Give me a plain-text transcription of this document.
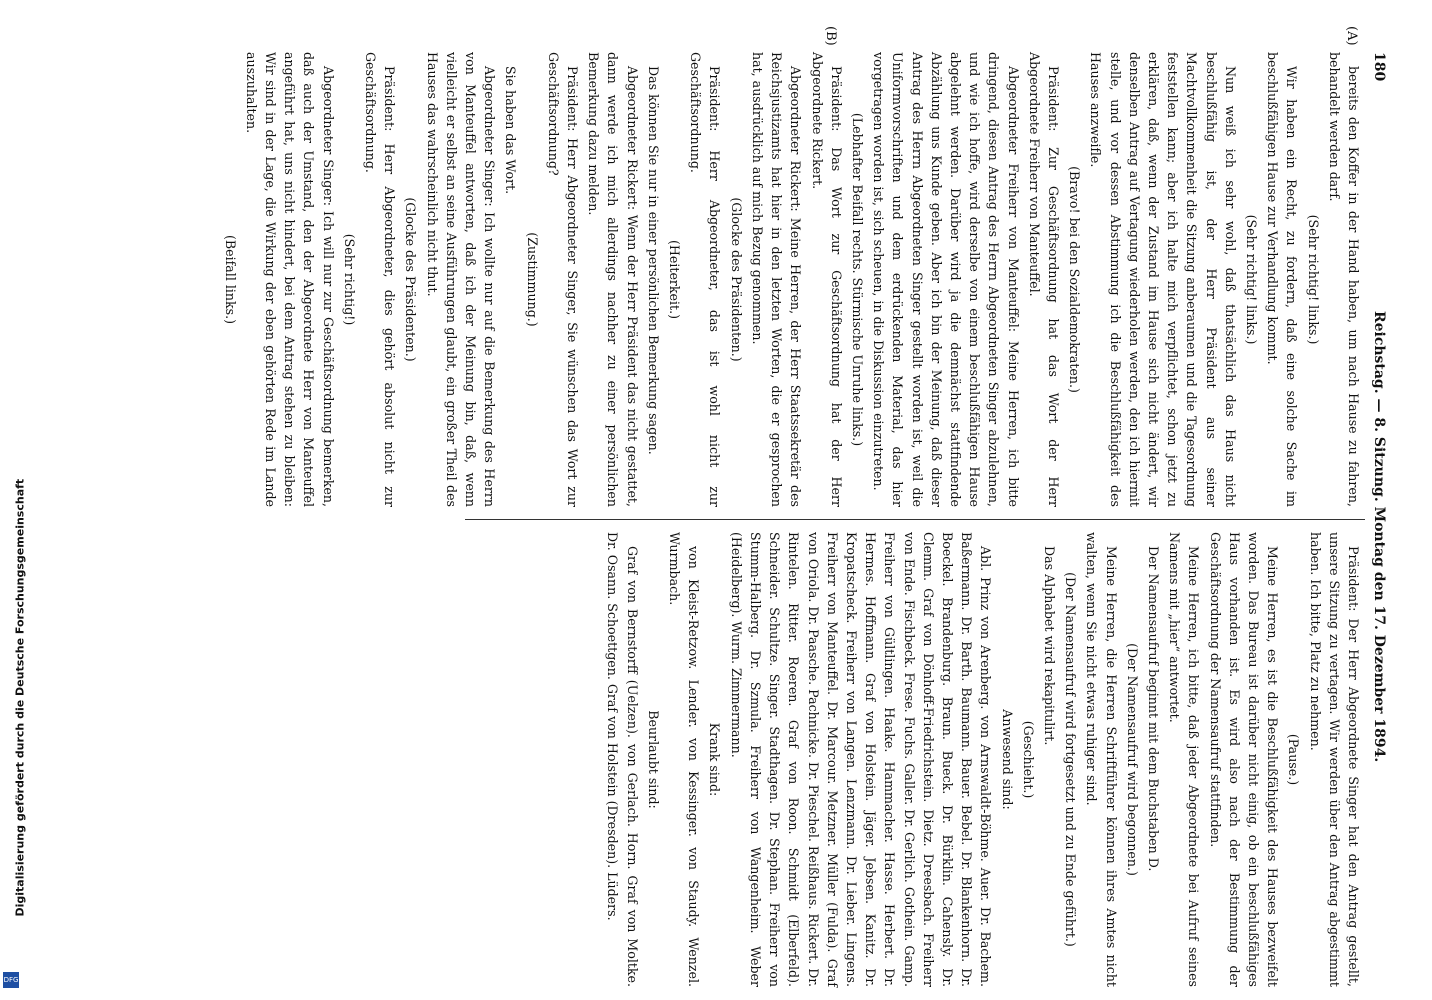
180
Reichstag. — 8. Sitzung. Montag den 17. Dezember 1894.
(A)
(B)

bereits den Koffer in der Hand haben, um nach Hause zu fahren, behandelt werden darf.

(Sehr richtig! links.)

Wir haben ein Recht, zu fordern, daß eine solche Sache im beschlußfähigen Hause zur Verhandlung kommt.

(Sehr richtig! links.)

Nun weiß ich sehr wohl, daß thatsächlich das Haus nicht beschlußfähig ist, der Herr Präsident aus seiner Machtvollkommenheit die Sitzung anberaumen und die Tagesordnung feststellen kann; aber ich halte mich verpflichtet, schon jetzt zu erklären, daß, wenn der Zustand im Hause sich nicht ändert, wir denselben Antrag auf Vertagung wiederholen werden, den ich hiermit stelle, und vor dessen Abstimmung ich die Beschlußfähigkeit des Hauses anzweifle.

(Bravo! bei den Sozialdemokraten.)

Präsident: Zur Geschäftsordnung hat das Wort der Herr Abgeordnete Freiherr von Manteuffel.

Abgeordneter Freiherr von Manteuffel: Meine Herren, ich bitte dringend, diesen Antrag des Herrn Abgeordneten Singer abzulehnen, und wie ich hoffe, wird derselbe von einem beschlußfähigen Hause abgelehnt werden. Darüber wird ja die demnächst stattfindende Abzählung uns Kunde geben. Aber ich bin der Meinung, daß dieser Antrag des Herrn Abgeordneten Singer gestellt worden ist, weil die Uniformvorschriften und dem erdrückenden Material, das hier vorgetragen worden ist, sich scheuen, in die Diskussion einzutreten.

(Lebhafter Beifall rechts. Stürmische Unruhe links.)

Präsident: Das Wort zur Geschäftsordnung hat der Herr Abgeordnete Rickert.

Abgeordneter Rickert: Meine Herren, der Herr Staatssekretär des Reichsjustizamts hat hier in den letzten Worten, die er gesprochen hat, ausdrücklich auf mich Bezug genommen.

(Glocke des Präsidenten.)

Präsident: Herr Abgeordneter, das ist wohl nicht zur Geschäftsordnung.

(Heiterkeit.)

Das können Sie nur in einer persönlichen Bemerkung sagen.

Abgeordneter Rickert: Wenn der Herr Präsident das nicht gestattet, dann werde ich mich allerdings nachher zu einer persönlichen Bemerkung dazu melden.

Präsident: Herr Abgeordneter Singer, Sie wünschen das Wort zur Geschäftsordnung?

(Zustimmung.)

Sie haben das Wort.

Abgeordneter Singer: Ich wollte nur auf die Bemerkung des Herrn von Manteuffel antworten, daß ich der Meinung bin, daß, wenn vielleicht er selbst an seine Ausführungen glaubt, ein großer Theil des Hauses das wahrscheinlich nicht thut.

(Glocke des Präsidenten.)

Präsident: Herr Abgeordneter, dies gehört absolut nicht zur Geschäftsordnung.

(Sehr richtig!)

Abgeordneter Singer: Ich will nur zur Geschäftsordnung bemerken, daß auch der Umstand, den der Abgeordnete Herr von Manteuffel angeführt hat, uns nicht hindert, bei dem Antrag stehen zu bleiben: Wir sind in der Lage, die Wirkung der eben gehörten Rede im Lande auszuhalten.

(Beifall links.)

Präsident: Der Herr Abgeordnete Singer hat den Antrag gestellt, unsere Sitzung zu vertagen. Wir werden über den Antrag abgestimmt haben. Ich bitte, Platz zu nehmen.

(Pause.)

Meine Herren, es ist die Beschlußfähigkeit des Hauses bezweifelt worden. Das Bureau ist darüber nicht einig, ob ein beschlußfähiges Haus vorhanden ist. Es wird also nach der Bestimmung der Geschäftsordnung der Namensaufruf stattfinden.

Meine Herren, ich bitte, daß jeder Abgeordnete bei Aufruf seines Namens mit „hier“ antwortet.

Der Namensaufruf beginnt mit dem Buchstaben D.

(Der Namensaufruf wird begonnen.)

Meine Herren, die Herren Schriftführer können ihres Amtes nicht walten, wenn Sie nicht etwas ruhiger sind.

(Der Namensaufruf wird fortgesetzt und zu Ende geführt.)

Das Alphabet wird rekapitulirt.

(Geschieht.)

Anwesend sind:

Abl. Prinz von Arenberg. von Arnswaldt-Böhme. Auer. Dr. Bachem. Baßermann. Dr. Barth. Baumann. Bauer. Bebel. Dr. Blankenhorn. Dr. Boeckel. Brandenburg. Braun. Bueck. Dr. Bürklin. Cahensly. Dr. Clemm. Graf von Dönhoff-Friedrichstein. Dietz. Dreesbach. Freiherr von Ende. Fischbeck. Frese. Fuchs. Galler. Dr. Gerlich. Gothein. Gamp. Freiherr von Gültlingen. Haake. Hammacher. Hasse. Herbert. Dr. Hermes. Hoffmann. Graf von Holstein. Jäger. Jebsen. Kanitz. Dr. Kropatscheck. Freiherr von Langen. Lenzmann. Dr. Lieber. Lingens. Freiherr von Manteuffel. Dr. Marcour. Metzner. Müller (Fulda). Graf von Oriola. Dr. Paasche. Pachnicke. Dr. Pieschel. Reißhaus. Rickert. Dr. Rintelen. Ritter. Roeren. Graf von Roon. Schmidt (Elberfeld). Schneider. Schultze. Singer. Stadthagen. Dr. Stephan. Freiherr von Stumm-Halberg. Dr. Szmula. Freiherr von Wangenheim. Weber (Heidelberg). Wurm. Zimmermann.

Krank sind:

von Kleist-Retzow. Lender. von Kessinger. von Staudy. Wenzel. Wurmbach.

Beurlaubt sind:

Graf von Bernstorff (Uelzen). von Gerlach. Horn. Graf von Moltke. Dr. Osann. Schoettgen. Graf von Holstein (Dresden). Lüders.

Digitalisierung gefördert durch die Deutsche Forschungsgemeinschaft
DFG
